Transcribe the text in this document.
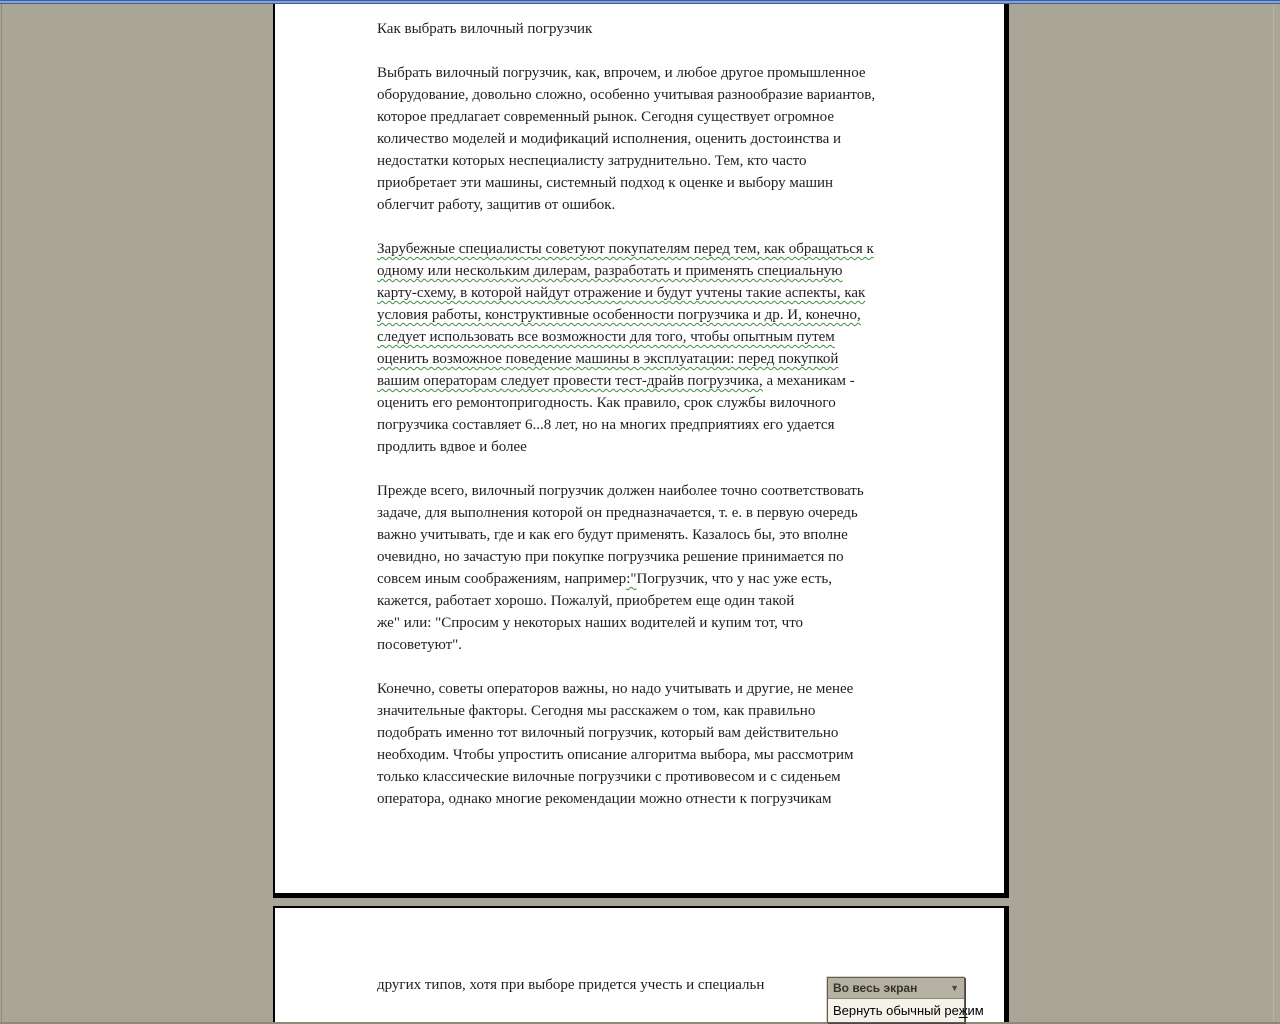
Как выбрать вилочный погрузчик
Выбрать вилочный погрузчик, как, впрочем, и любое другое промышленное
оборудование, довольно сложно, особенно учитывая разнообразие вариантов,
которое предлагает современный рынок. Сегодня существует огромное
количество моделей и модификаций исполнения, оценить достоинства и
недостатки которых неспециалисту затруднительно. Тем, кто часто
приобретает эти машины, системный подход к оценке и выбору машин
облегчит работу, защитив от ошибок.
Зарубежные специалисты советуют покупателям перед тем, как обращаться к
одному или нескольким дилерам, разработать и применять специальную
карту-схему, в которой найдут отражение и будут учтены такие аспекты, как
условия работы, конструктивные особенности погрузчика и др. И, конечно,
следует использовать все возможности для того, чтобы опытным путем
оценить возможное поведение машины в эксплуатации: перед покупкой
вашим операторам следует провести тест-драйв погрузчика, а механикам -
оценить его ремонтопригодность. Как правило, срок службы вилочного
погрузчика составляет 6...8 лет, но на многих предприятиях его удается
продлить вдвое и более
Прежде всего, вилочный погрузчик должен наиболее точно соответствовать
задаче, для выполнения которой он предназначается, т. е. в первую очередь
важно учитывать, где и как его будут применять. Казалось бы, это вполне
очевидно, но зачастую при покупке погрузчика решение принимается по
совсем иным соображениям, например:"Погрузчик, что у нас уже есть,
кажется, работает хорошо. Пожалуй, приобретем еще один такой
же" или: "Спросим у некоторых наших водителей и купим тот, что
посоветуют".
Конечно, советы операторов важны, но надо учитывать и другие, не менее
значительные факторы. Сегодня мы расскажем о том, как правильно
подобрать именно тот вилочный погрузчик, который вам действительно
необходим. Чтобы упростить описание алгоритма выбора, мы рассмотрим
только классические вилочные погрузчики с противовесом и с сиденьем
оператора, однако многие рекомендации можно отнести к погрузчикам
других типов, хотя при выборе придется учесть и специальн	Во весь экран	▼
Вернуть обычный ре ж им
